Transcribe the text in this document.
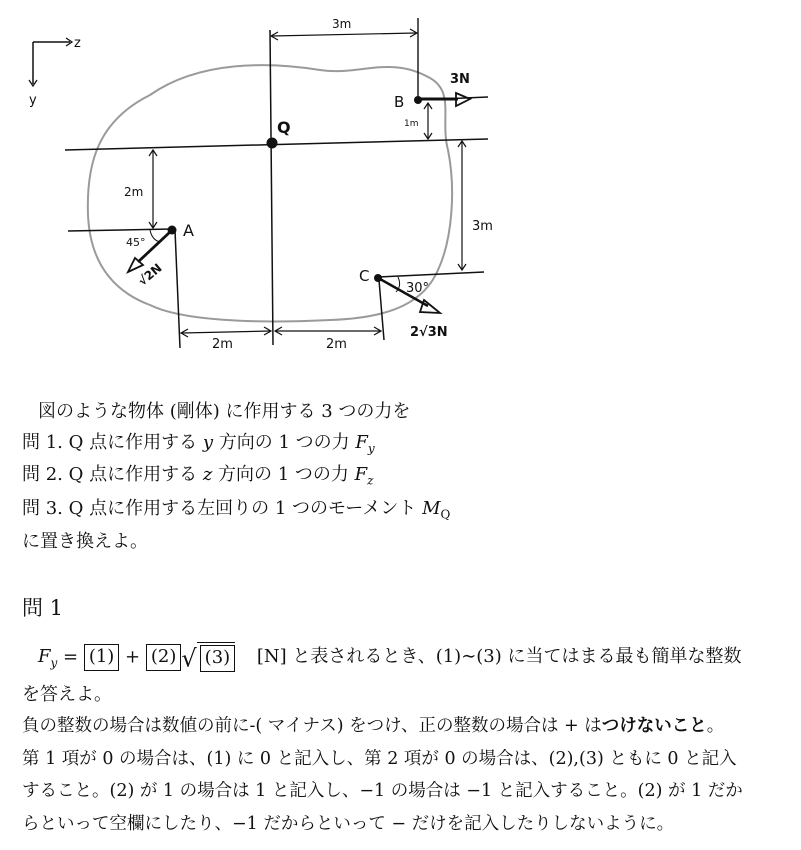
z
y
Q
3m
B
3N
1m
2m
A
45°
√2N
3m
C
30°
2√3N
2m	2m
図のような物体 (剛体) に作用する 3 つの力を
問 1. Q 点に作用する y 方向の 1 つの力 $F_y$
問 2. Q 点に作用する z 方向の 1 つの力 $F_z$
問 3. Q 点に作用する左回りの 1 つのモーメント $M_Q$
に置き換えよ。
問 1
$F_y = (1) + (2)$ √ (3) [N] と表されるとき、(1)∼(3) に当てはまる最も簡単な整数
を答えよ。
負の整数の場合は数値の前に-( マイナス) をつけ、正の整数の場合は + はつけないこと。
第 1 項が 0 の場合は、(1) に 0 と記入し、第 2 項が 0 の場合は、(2),(3) ともに 0 と記入
すること。(2) が 1 の場合は 1 と記入し、−1 の場合は −1 と記入すること。(2) が 1 だか
らといって空欄にしたり、−1 だからといって − だけを記入したりしないように。
